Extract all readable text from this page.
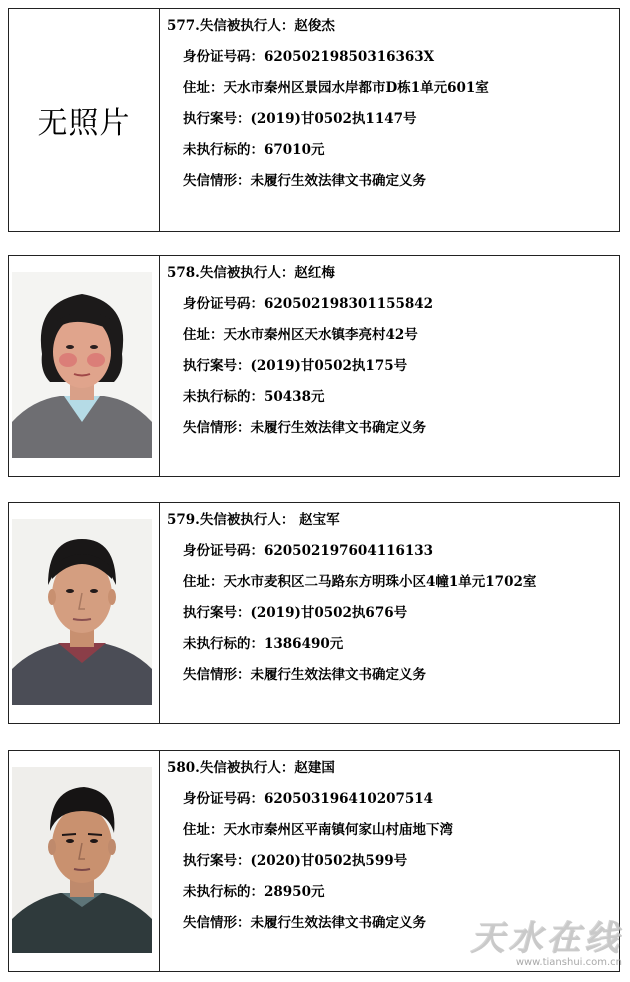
无照片
577.失信被执行人：赵俊杰
身份证号码：620502198503163​63X
住址：天水市秦州区景园水岸都市D栋1单元601室
执行案号：(2019)甘0502执1147号
未执行标的：67010元
失信情形：未履行生效法律文书确定义务
578.失信被执行人：赵红梅
身份证号码：620502198301155842
住址：天水市秦州区天水镇李亮村42号
执行案号：(2019)甘0502执175号
未执行标的：50438元
失信情形：未履行生效法律文书确定义务
579.失信被执行人： 赵宝军
身份证号码：620502197604116133
住址：天水市麦积区二马路东方明珠小区4幢1单元1702室
执行案号：(2019)甘0502执676号
未执行标的：1386490元
失信情形：未履行生效法律文书确定义务
580.失信被执行人：赵建国
身份证号码：620503196410207514
住址：天水市秦州区平南镇何家山村庙地下湾
执行案号：(2020)甘0502执599号
未执行标的：28950元
失信情形：未履行生效法律文书确定义务	天水在线
www.tianshui.com.cn
